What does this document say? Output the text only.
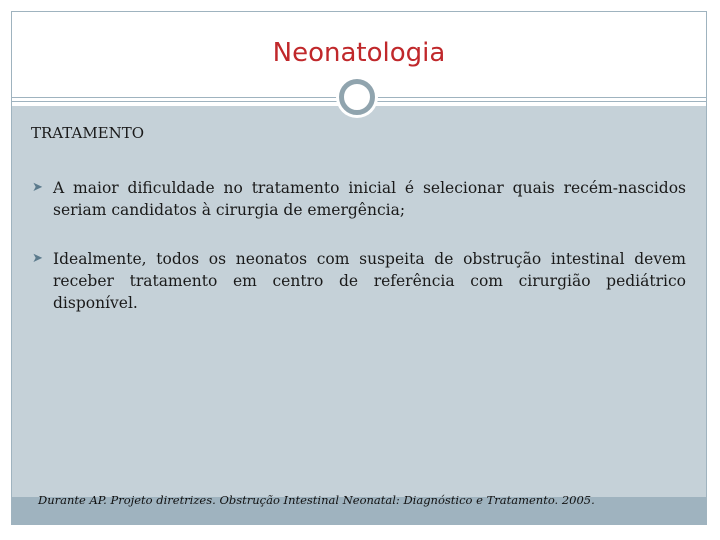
Neonatologia
TRATAMENTO
➤ A maior dificuldade no tratamento inicial é selecionar quais recém-nascidos seriam candidatos à cirurgia de emergência;
➤ Idealmente, todos os neonatos com suspeita de obstrução intestinal devem receber tratamento em centro de referência com cirurgião pediátrico disponível.
Durante AP. Projeto diretrizes. Obstrução Intestinal Neonatal: Diagnóstico e Tratamento. 2005.
